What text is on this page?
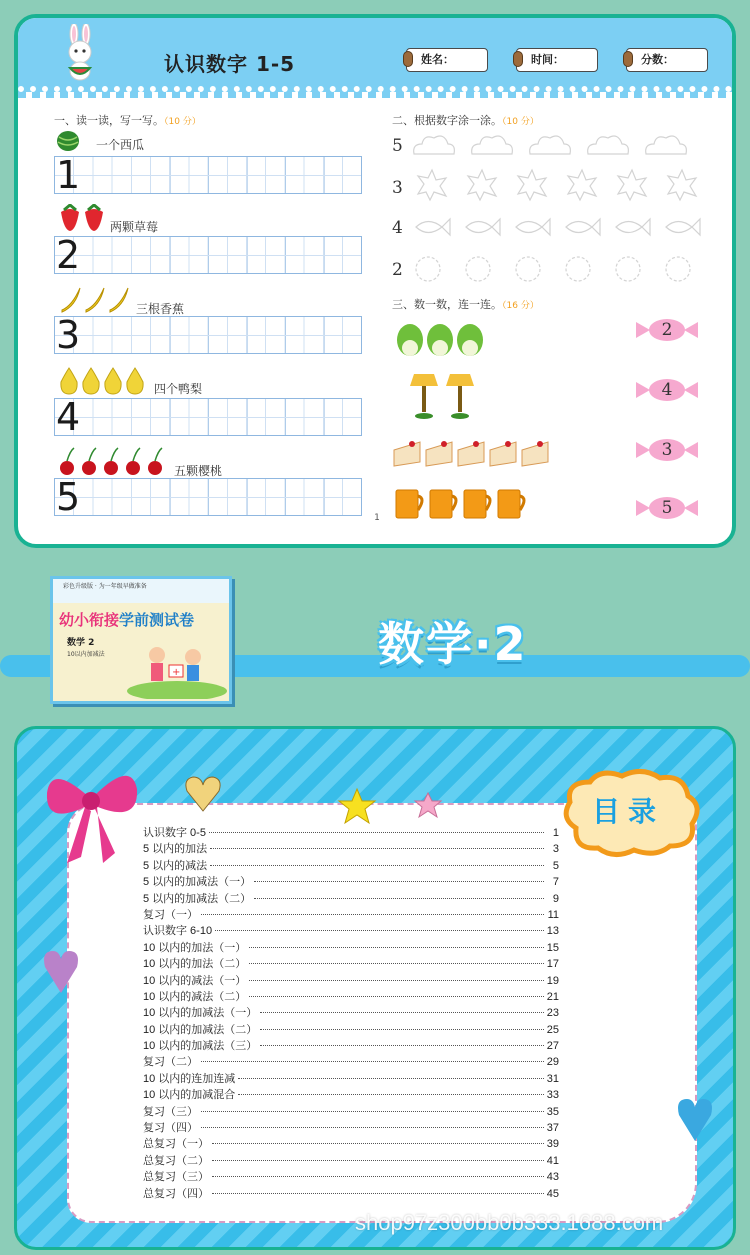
认识数字 1-5	姓名：	时间：	分数：
一、读一读，写一写。（10 分）
一个西瓜
1
两颗草莓
2
三根香蕉
3
四个鸭梨
4
五颗樱桃
5
二、根据数字涂一涂。（10 分）
5
3
4
2
三、数一数，连一连。（16 分）
2
4
3
5
1
彩色升级版 · 为一年级早做准备
幼小衔接学前测试卷
数学 2
10以内加减法
+
数学·2
目录
认识数字 0-5	1
5 以内的加法	3
5 以内的减法	5
5 以内的加减法（一）	7
5 以内的加减法（二）	9
复习（一）	11
认识数字 6-10	13
10 以内的加法（一）	15
10 以内的加法（二）	17
10 以内的减法（一）	19
10 以内的减法（二）	21
10 以内的加减法（一）	23
10 以内的加减法（二）	25
10 以内的加减法（三）	27
复习（二）	29
10 以内的连加连减	31
10 以内的加减混合	33
复习（三）	35
复习（四）	37
总复习（一）	39
总复习（二）	41
总复习（三）	43
总复习（四）	45
shop97z300bb0b333.1688.com
